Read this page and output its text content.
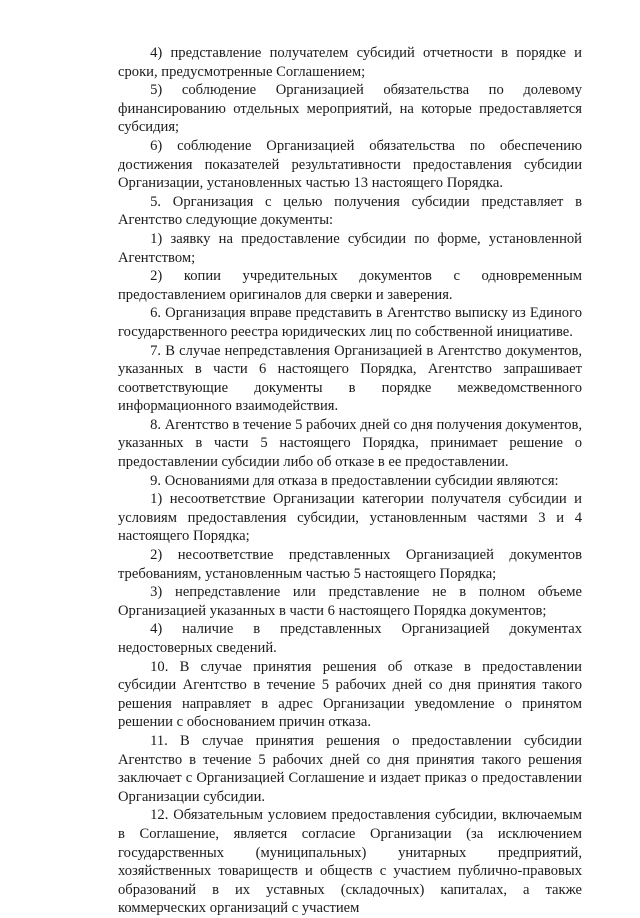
4) представление получателем субсидий отчетности в порядке и сроки, предусмотренные Соглашением;

5) соблюдение Организацией обязательства по долевому финансированию отдельных мероприятий, на которые предоставляется субсидия;

6) соблюдение Организацией обязательства по обеспечению достижения показателей результативности предоставления субсидии Организации, установленных частью 13 настоящего Порядка.

5. Организация с целью получения субсидии представляет в Агентство следующие документы:

1) заявку на предоставление субсидии по форме, установленной Агентством;

2) копии учредительных документов с одновременным предоставлением оригиналов для сверки и заверения.

6. Организация вправе представить в Агентство выписку из Единого государственного реестра юридических лиц по собственной инициативе.

7. В случае непредставления Организацией в Агентство документов, указанных в части 6 настоящего Порядка, Агентство запрашивает соответствующие документы в порядке межведомственного информационного взаимодействия.

8. Агентство в течение 5 рабочих дней со дня получения документов, указанных в части 5 настоящего Порядка, принимает решение о предоставлении субсидии либо об отказе в ее предоставлении.

9. Основаниями для отказа в предоставлении субсидии являются:

1) несоответствие Организации категории получателя субсидии и условиям предоставления субсидии, установленным частями 3 и 4 настоящего Порядка;

2) несоответствие представленных Организацией документов требованиям, установленным частью 5 настоящего Порядка;

3) непредставление или представление не в полном объеме Организацией указанных в части 6 настоящего Порядка документов;

4) наличие в представленных Организацией документах недостоверных сведений.

10. В случае принятия решения об отказе в предоставлении субсидии Агентство в течение 5 рабочих дней со дня принятия такого решения направляет в адрес Организации уведомление о принятом решении с обоснованием причин отказа.

11. В случае принятия решения о предоставлении субсидии Агентство в течение 5 рабочих дней со дня принятия такого решения заключает с Организацией Соглашение и издает приказ о предоставлении Организации субсидии.

12. Обязательным условием предоставления субсидии, включаемым в Соглашение, является согласие Организации (за исключением государственных (муниципальных) унитарных предприятий, хозяйственных товариществ и обществ с участием публично-правовых образований в их уставных (складочных) капиталах, а также коммерческих организаций с участием
